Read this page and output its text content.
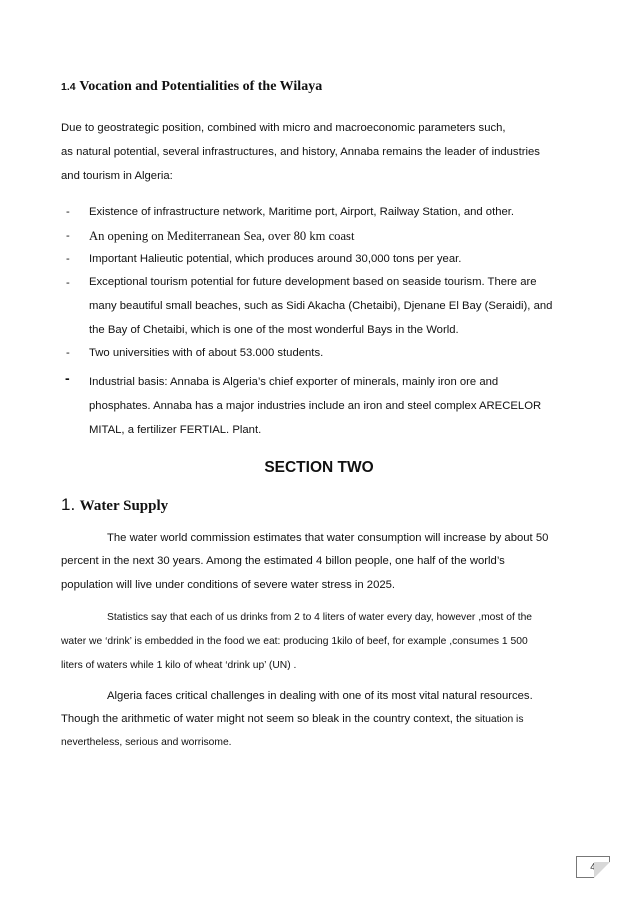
1.4 Vocation and Potentialities of the Wilaya
Due to geostrategic position, combined with micro and macroeconomic parameters such,
as natural potential, several infrastructures, and history, Annaba remains the leader of industries
and tourism in Algeria:
- Existence of infrastructure network, Maritime port, Airport, Railway Station, and other.
- An opening on Mediterranean Sea, over 80 km coast
- Important Halieutic potential, which produces around 30,000 tons per year.
- Exceptional tourism potential for future development based on seaside tourism. There are
many beautiful small beaches, such as Sidi Akacha (Chetaibi), Djenane El Bay (Seraidi), and
the Bay of Chetaibi, which is one of the most wonderful Bays in the World.
- Two universities with of about 53.000 students.
- Industrial basis: Annaba is Algeria’s chief exporter of minerals, mainly iron ore and
phosphates. Annaba has a major industries include an iron and steel complex ARECELOR
MITAL, a fertilizer FERTIAL. Plant.
SECTION TWO
1. Water Supply
The water world commission estimates that water consumption will increase by about 50
percent in the next 30 years. Among the estimated 4 billon people, one half of the world’s
population will live under conditions of severe water stress in 2025.
Statistics say that each of us drinks from 2 to 4 liters of water every day, however ,most of the
water we ‘drink’ is embedded in the food we eat: producing 1kilo of beef, for example ,consumes 1 500
liters of waters while 1 kilo of wheat ‘drink up’ (UN) .
Algeria faces critical challenges in dealing with one of its most vital natural resources.
Though the arithmetic of water might not seem so bleak in the country context, the situation is
nevertheless, serious and worrisome.
4
